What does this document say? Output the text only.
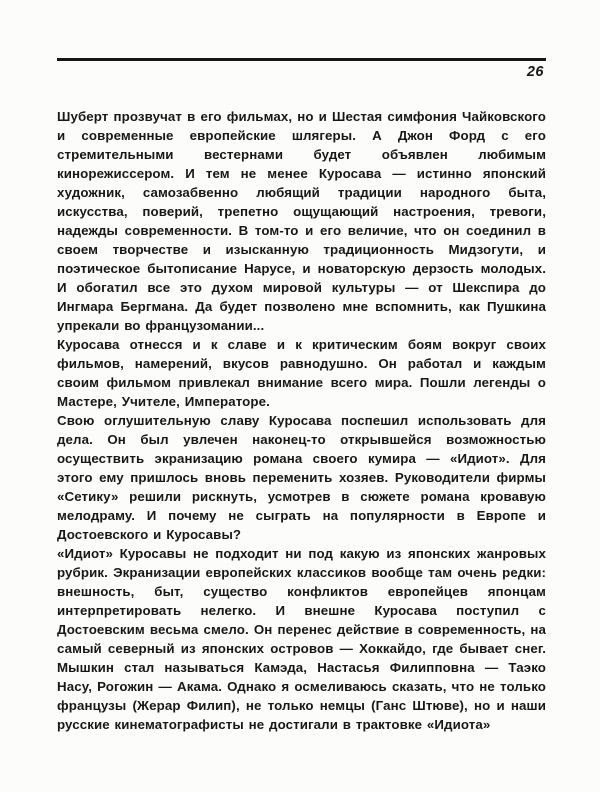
26

Шуберт прозвучат в его фильмах, но и Шестая симфония Чайковского и современные европейские шлягеры. А Джон Форд с его стремительными вестернами будет объявлен любимым кинорежиссером. И тем не менее Куросава — истинно японский художник, самозабвенно любящий традиции народного быта, искусства, поверий, трепетно ощущающий настроения, тревоги, надежды современности. В том-то и его величие, что он соединил в своем творчестве и изысканную традиционность Мидзогути, и поэтическое бытописание Нарусе, и новаторскую дерзость молодых. И обогатил все это духом мировой культуры — от Шекспира до Ингмара Бергмана. Да будет позволено мне вспомнить, как Пушкина упрекали во французомании...

Куросава отнесся и к славе и к критическим боям вокруг своих фильмов, намерений, вкусов равнодушно. Он работал и каждым своим фильмом привлекал внимание всего мира. Пошли легенды о Мастере, Учителе, Императоре.

Свою оглушительную славу Куросава поспешил использовать для дела. Он был увлечен наконец-то открывшейся возможностью осуществить экранизацию романа своего кумира — «Идиот». Для этого ему пришлось вновь переменить хозяев. Руководители фирмы «Сетику» решили рискнуть, усмотрев в сюжете романа кровавую мелодраму. И почему не сыграть на популярности в Европе и Достоевского и Куросавы?

«Идиот» Куросавы не подходит ни под какую из японских жанровых рубрик. Экранизации европейских классиков вообще там очень редки: внешность, быт, существо конфликтов европейцев японцам интерпретировать нелегко. И внешне Куросава поступил с Достоевским весьма смело. Он перенес действие в современность, на самый северный из японских островов — Хоккайдо, где бывает снег. Мышкин стал называться Камэда, Настасья Филипповна — Таэко Насу, Рогожин — Акама. Однако я осмеливаюсь сказать, что не только французы (Жерар Филип), не только немцы (Ганс Штюве), но и наши русские кинематографисты не достигали в трактовке «Идиота»
